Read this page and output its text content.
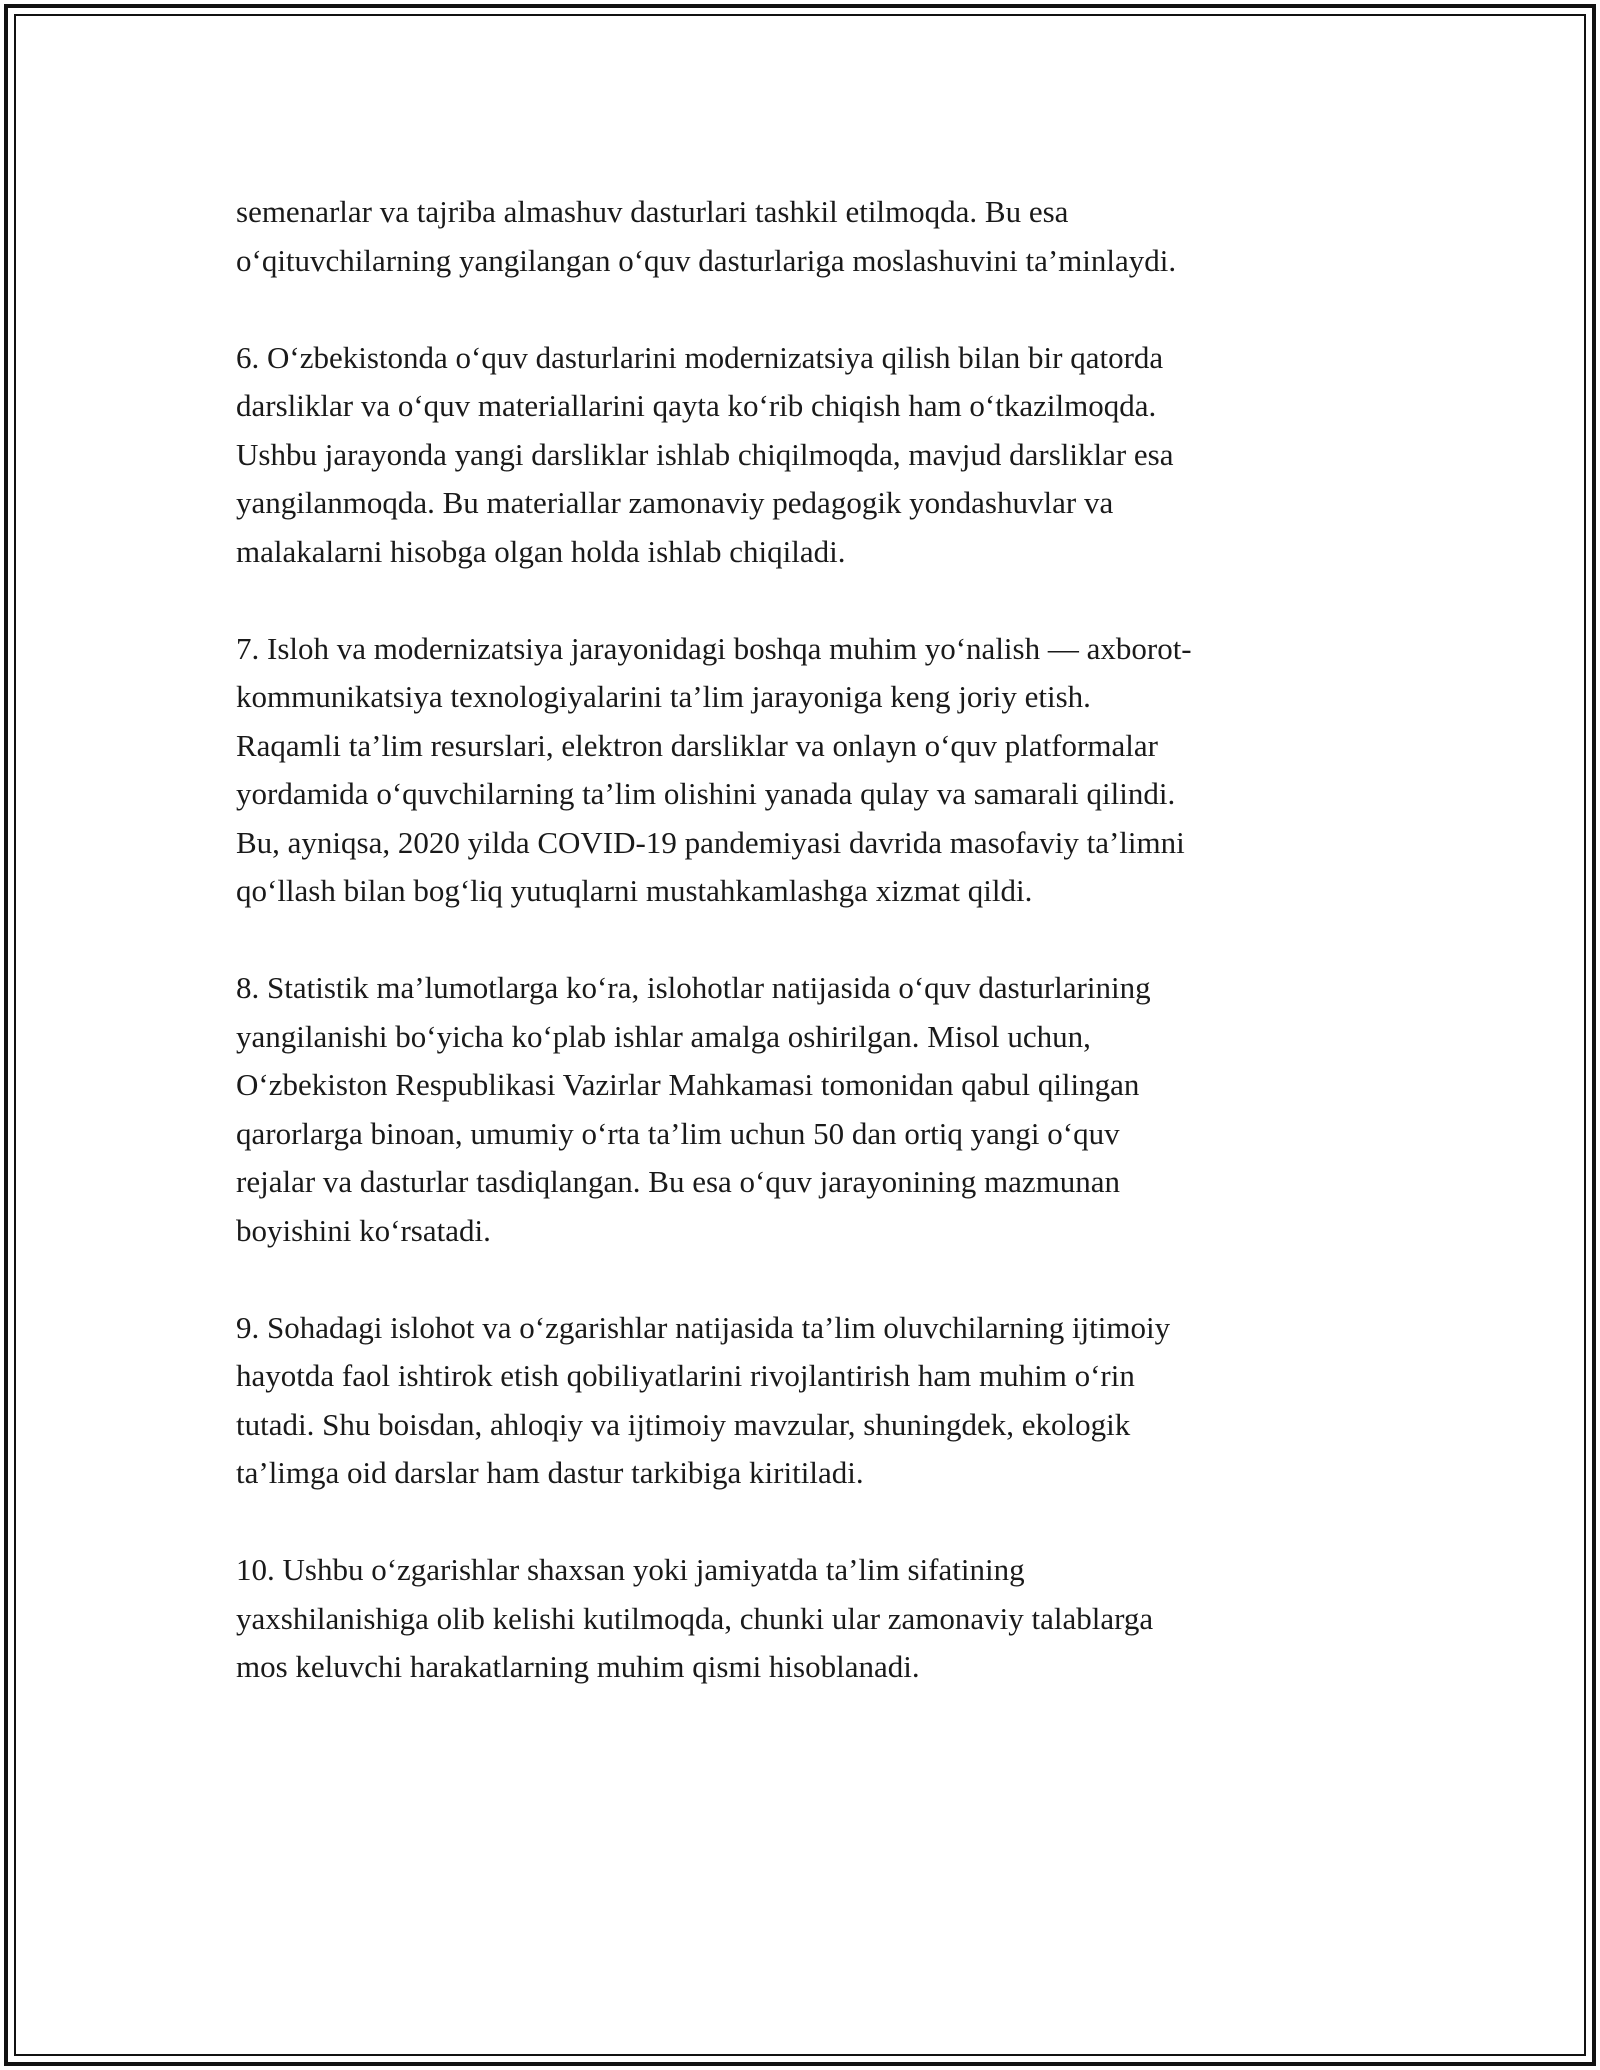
semenarlar va tajriba almashuv dasturlari tashkil etilmoqda. Bu esa
o‘qituvchilarning yangilangan o‘quv dasturlariga moslashuvini ta’minlaydi.

6. O‘zbekistonda o‘quv dasturlarini modernizatsiya qilish bilan bir qatorda
darsliklar va o‘quv materiallarini qayta ko‘rib chiqish ham o‘tkazilmoqda.
Ushbu jarayonda yangi darsliklar ishlab chiqilmoqda, mavjud darsliklar esa
yangilanmoqda. Bu materiallar zamonaviy pedagogik yondashuvlar va
malakalarni hisobga olgan holda ishlab chiqiladi.

7. Isloh va modernizatsiya jarayonidagi boshqa muhim yo‘nalish — axborot-
kommunikatsiya texnologiyalarini ta’lim jarayoniga keng joriy etish.
Raqamli ta’lim resurslari, elektron darsliklar va onlayn o‘quv platformalar
yordamida o‘quvchilarning ta’lim olishini yanada qulay va samarali qilindi.
Bu, ayniqsa, 2020 yilda COVID-19 pandemiyasi davrida masofaviy ta’limni
qo‘llash bilan bog‘liq yutuqlarni mustahkamlashga xizmat qildi.

8. Statistik ma’lumotlarga ko‘ra, islohotlar natijasida o‘quv dasturlarining
yangilanishi bo‘yicha ko‘plab ishlar amalga oshirilgan. Misol uchun,
O‘zbekiston Respublikasi Vazirlar Mahkamasi tomonidan qabul qilingan
qarorlarga binoan, umumiy o‘rta ta’lim uchun 50 dan ortiq yangi o‘quv
rejalar va dasturlar tasdiqlangan. Bu esa o‘quv jarayonining mazmunan
boyishini ko‘rsatadi.

9. Sohadagi islohot va o‘zgarishlar natijasida ta’lim oluvchilarning ijtimoiy
hayotda faol ishtirok etish qobiliyatlarini rivojlantirish ham muhim o‘rin
tutadi. Shu boisdan, ahloqiy va ijtimoiy mavzular, shuningdek, ekologik
ta’limga oid darslar ham dastur tarkibiga kiritiladi.

10. Ushbu o‘zgarishlar shaxsan yoki jamiyatda ta’lim sifatining
yaxshilanishiga olib kelishi kutilmoqda, chunki ular zamonaviy talablarga
mos keluvchi harakatlarning muhim qismi hisoblanadi.
